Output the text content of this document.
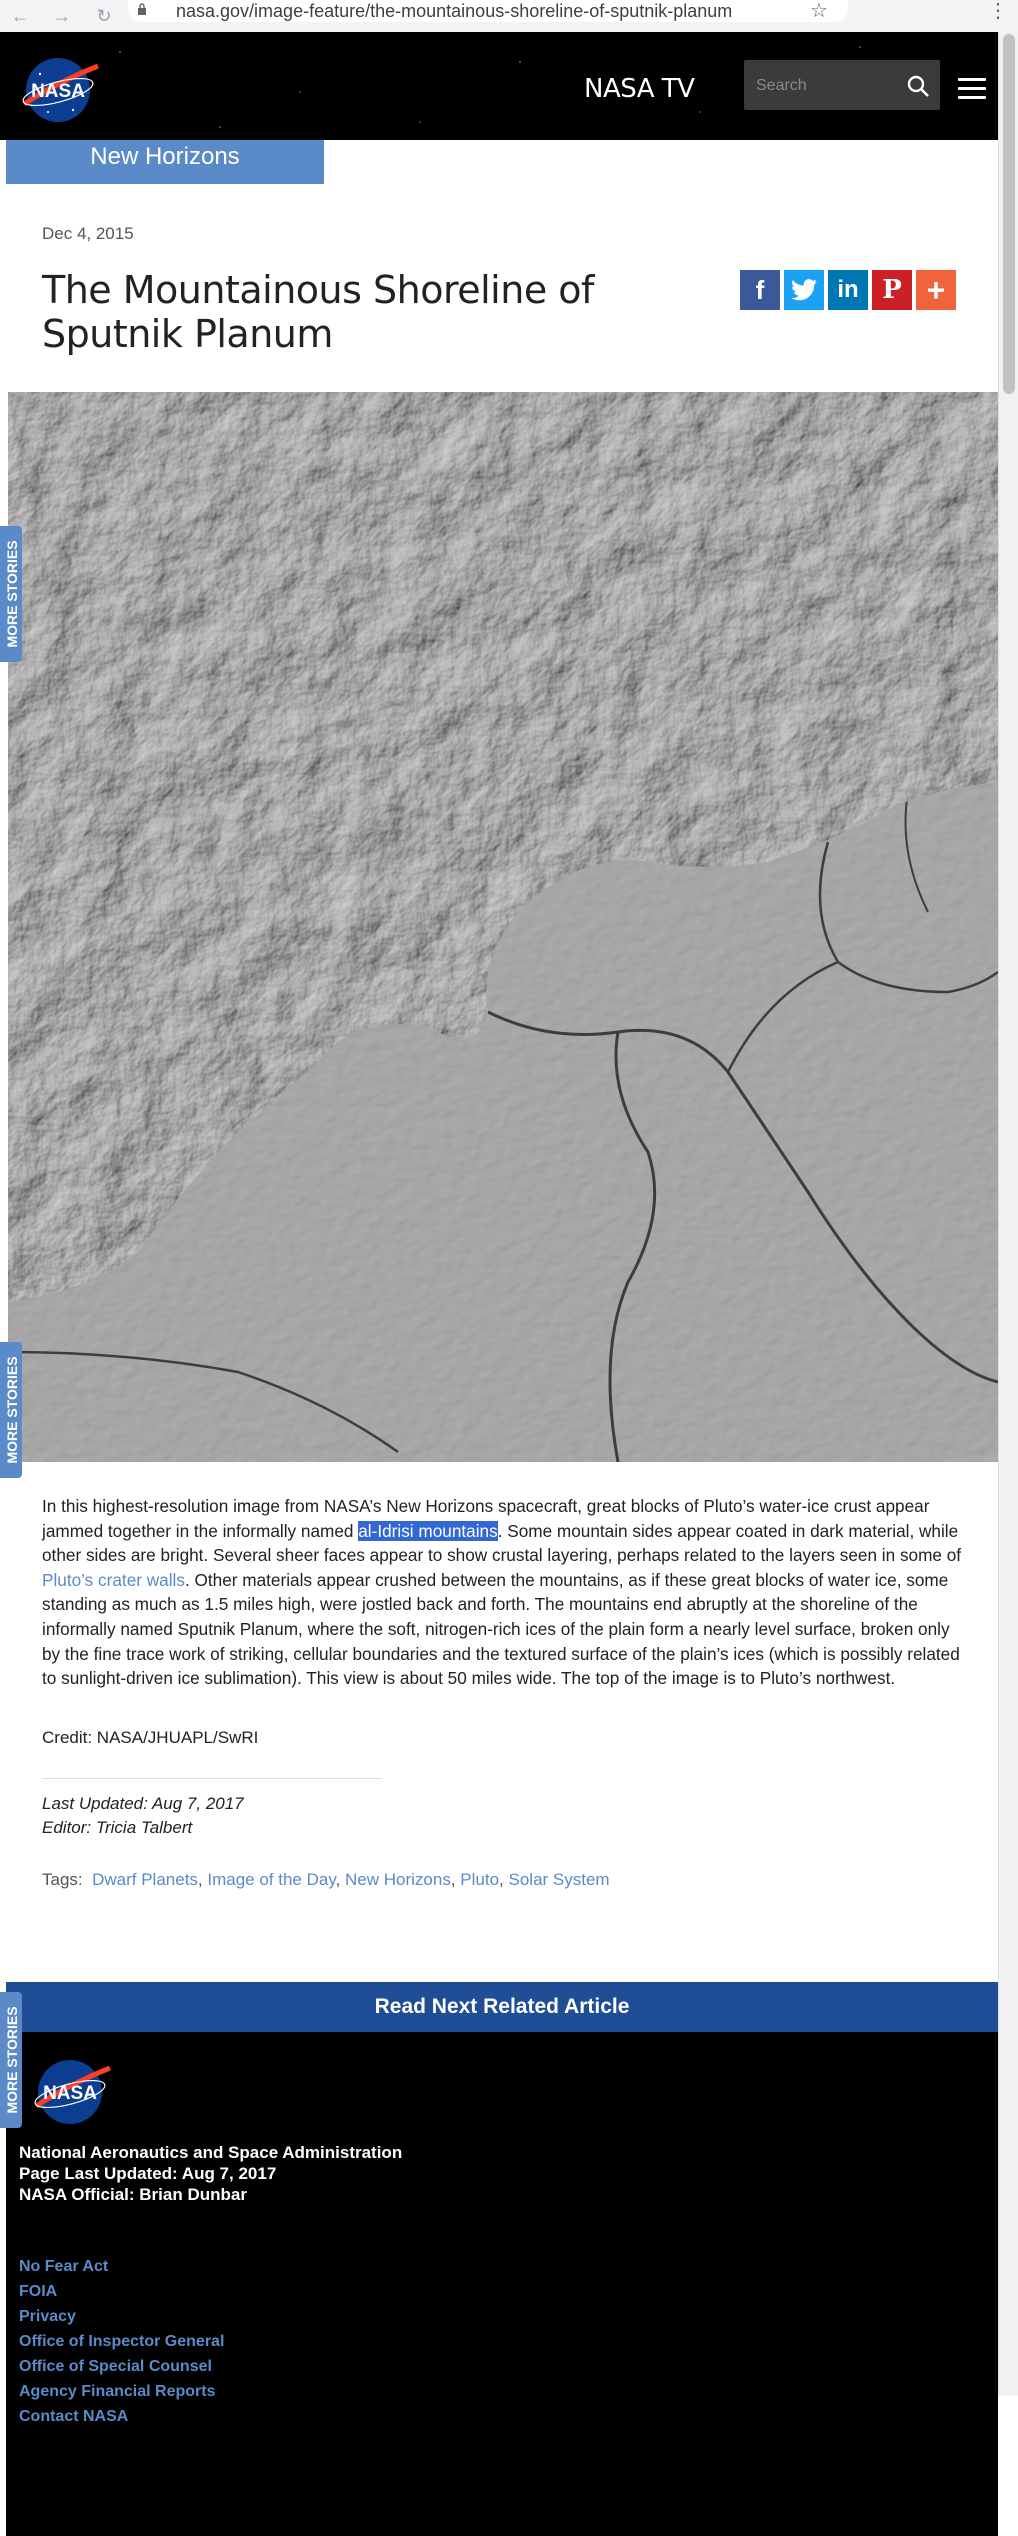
← → ↻	nasa.gov/image-feature/the-mountainous-shoreline-of-sputnik-planum	☆	⋮
NASA	NASA TV
Search
New Horizons
Dec 4, 2015
The Mountainous Shoreline of Sputnik Planum
f	in P +

In this highest-resolution image from NASA’s New Horizons spacecraft, great blocks of Pluto’s water-ice crust appear jammed together in the informally named al-Idrisi mountains. Some mountain sides appear coated in dark material, while other sides are bright. Several sheer faces appear to show crustal layering, perhaps related to the layers seen in some of Pluto’s crater walls. Other materials appear crushed between the mountains, as if these great blocks of water ice, some standing as much as 1.5 miles high, were jostled back and forth. The mountains end abruptly at the shoreline of the informally named Sputnik Planum, where the soft, nitrogen-rich ices of the plain form a nearly level surface, broken only by the fine trace work of striking, cellular boundaries and the textured surface of the plain’s ices (which is possibly related to sunlight-driven ice sublimation). This view is about 50 miles wide. The top of the image is to Pluto’s northwest.

Credit: NASA/JHUAPL/SwRI
Last Updated: Aug 7, 2017
Editor: Tricia Talbert
Tags: Dwarf Planets, Image of the Day, New Horizons, Pluto, Solar System
Read Next Related Article
NASA
National Aeronautics and Space Administration
Page Last Updated: Aug 7, 2017
NASA Official: Brian Dunbar
No Fear Act
FOIA
Privacy
Office of Inspector General
Office of Special Counsel
Agency Financial Reports
Contact NASA
MORE STORIES
MORE STORIES
MORE STORIES
